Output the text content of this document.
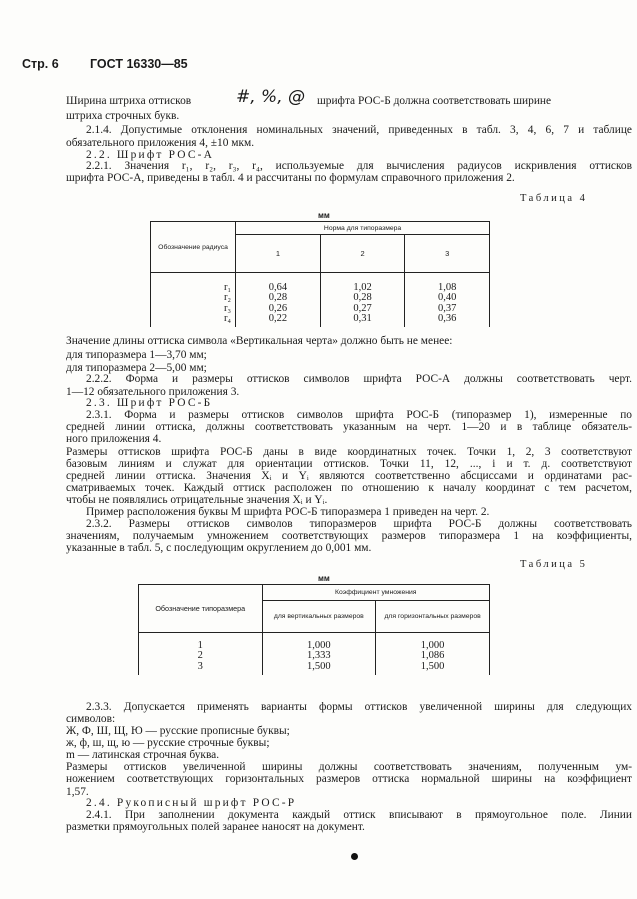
Стр. 6	ГОСТ 16330—85
Ширина штриха оттисков	#, %, @ шрифта РОС-Б должна соответствовать ширине
штриха строчных букв.
2.1.4. Допустимые отклонения номинальных значений, приведенных в табл. 3, 4, 6, 7 и таблице
обязательного приложения 4, ±10 мкм.
2.2. Шрифт РОС-А
2.2.1. Значения r₁, r₂, r₃, r₄, используемые для вычисления радиусов искривления оттисков
шрифта РОС-А, приведены в табл. 4 и рассчитаны по формулам справочного приложения 2.
Таблица 4
мм
Обозначение радиуса	Норма для типоразмера		
	1	2	3

r₁	0,64	1,02	1,08
r₂	0,28	0,28	0,40
r₃	0,26	0,27	0,37
r₄	0,22	0,31	0,36

Значение длины оттиска символа «Вертикальная черта» должно быть не менее:
для типоразмера 1—3,70 мм;
для типоразмера 2—5,00 мм;
2.2.2. Форма и размеры оттисков символов шрифта РОС-А должны соответствовать черт.
1—12 обязательного приложения 3.
2.3. Шрифт РОС-Б
2.3.1. Форма и размеры оттисков символов шрифта РОС-Б (типоразмер 1), измеренные по
средней линии оттиска, должны соответствовать указанным на черт. 1—20 и в таблице обязатель-
ного приложения 4.
Размеры оттисков шрифта РОС-Б даны в виде координатных точек. Точки 1, 2, 3 соответствуют
базовым линиям и служат для ориентации оттисков. Точки 11, 12, ..., i и т. д. соответствуют
средней линии оттиска. Значения Xᵢ и Yᵢ являются соответственно абсциссами и ординатами рас-
сматриваемых точек. Каждый оттиск расположен по отношению к началу координат с тем расчетом,
чтобы не появлялись отрицательные значения Xᵢ и Yᵢ.
Пример расположения буквы М шрифта РОС-Б типоразмера 1 приведен на черт. 2.
2.3.2. Размеры оттисков символов типоразмеров шрифта РОС-Б должны соответствовать
значениям, получаемым умножением соответствующих размеров типоразмера 1 на коэффициенты,
указанные в табл. 5, с последующим округлением до 0,001 мм.
Таблица 5
мм
Обозначение типоразмера	Коэффициент умножения	
	для вертикальных размеров	для горизонтальных размеров

1	1,000	1,000
2	1,333	1,086
3	1,500	1,500

2.3.3. Допускается применять варианты формы оттисков увеличенной ширины для следующих
символов:
Ж, Ф, Ш, Щ, Ю — русские прописные буквы;
ж, ф, ш, щ, ю — русские строчные буквы;
m — латинская строчная буква.
Размеры оттисков увеличенной ширины должны соответствовать значениям, полученным ум-
ножением соответствующих горизонтальных размеров оттиска нормальной ширины на коэффициент
1,57.
2.4. Рукописный шрифт РОС-Р
2.4.1. При заполнении документа каждый оттиск вписывают в прямоугольное поле. Линии
разметки прямоугольных полей заранее наносят на документ.
